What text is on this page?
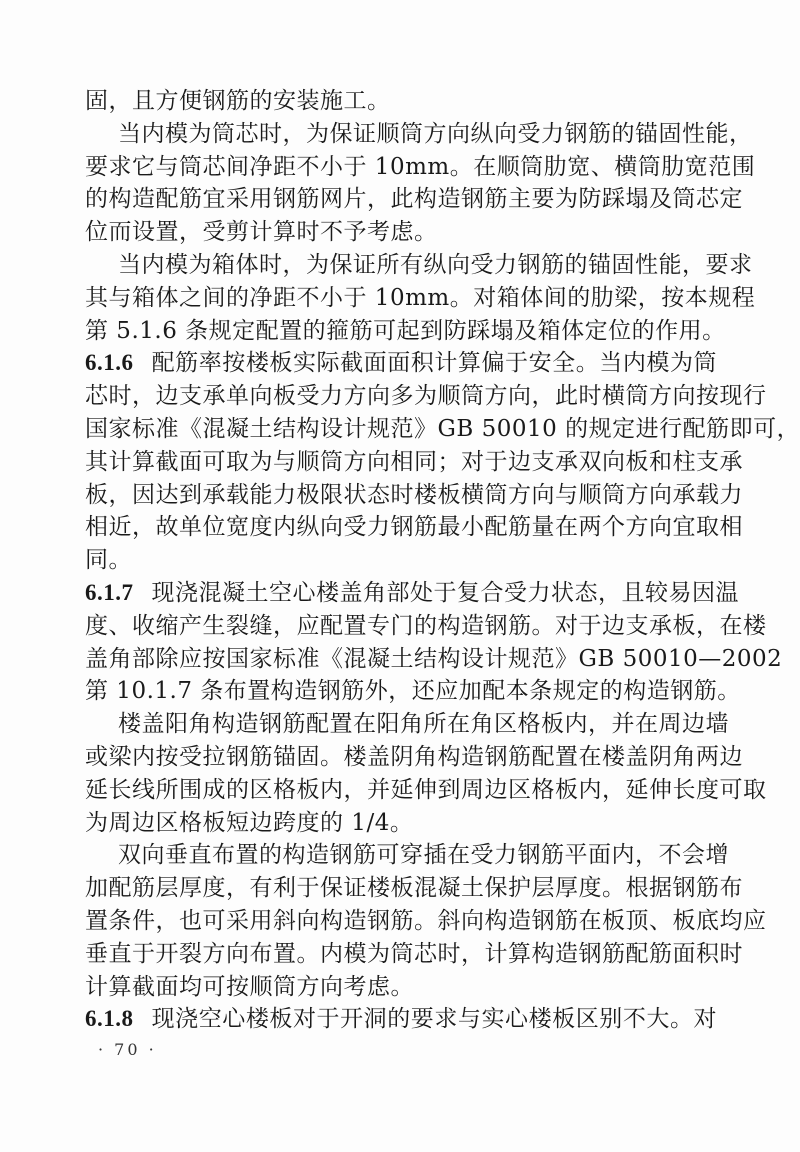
固，且方便钢筋的安装施工。
当内模为筒芯时，为保证顺筒方向纵向受力钢筋的锚固性能，
要求它与筒芯间净距不小于 10mm。在顺筒肋宽、横筒肋宽范围
的构造配筋宜采用钢筋网片，此构造钢筋主要为防踩塌及筒芯定
位而设置，受剪计算时不予考虑。
当内模为箱体时，为保证所有纵向受力钢筋的锚固性能，要求
其与箱体之间的净距不小于 10mm。对箱体间的肋梁，按本规程
第 5.1.6 条规定配置的箍筋可起到防踩塌及箱体定位的作用。
6.1.6 配筋率按楼板实际截面面积计算偏于安全。当内模为筒
芯时，边支承单向板受力方向多为顺筒方向，此时横筒方向按现行
国家标准《混凝土结构设计规范》GB 50010 的规定进行配筋即可，
其计算截面可取为与顺筒方向相同；对于边支承双向板和柱支承
板，因达到承载能力极限状态时楼板横筒方向与顺筒方向承载力
相近，故单位宽度内纵向受力钢筋最小配筋量在两个方向宜取相
同。
6.1.7 现浇混凝土空心楼盖角部处于复合受力状态，且较易因温
度、收缩产生裂缝，应配置专门的构造钢筋。对于边支承板，在楼
盖角部除应按国家标准《混凝土结构设计规范》GB 50010—2002
第 10.1.7 条布置构造钢筋外，还应加配本条规定的构造钢筋。
楼盖阳角构造钢筋配置在阳角所在角区格板内，并在周边墙
或梁内按受拉钢筋锚固。楼盖阴角构造钢筋配置在楼盖阴角两边
延长线所围成的区格板内，并延伸到周边区格板内，延伸长度可取
为周边区格板短边跨度的 1/4。
双向垂直布置的构造钢筋可穿插在受力钢筋平面内，不会增
加配筋层厚度，有利于保证楼板混凝土保护层厚度。根据钢筋布
置条件，也可采用斜向构造钢筋。斜向构造钢筋在板顶、板底均应
垂直于开裂方向布置。内模为筒芯时，计算构造钢筋配筋面积时
计算截面均可按顺筒方向考虑。
6.1.8 现浇空心楼板对于开洞的要求与实心楼板区别不大。对
· 70 ·
